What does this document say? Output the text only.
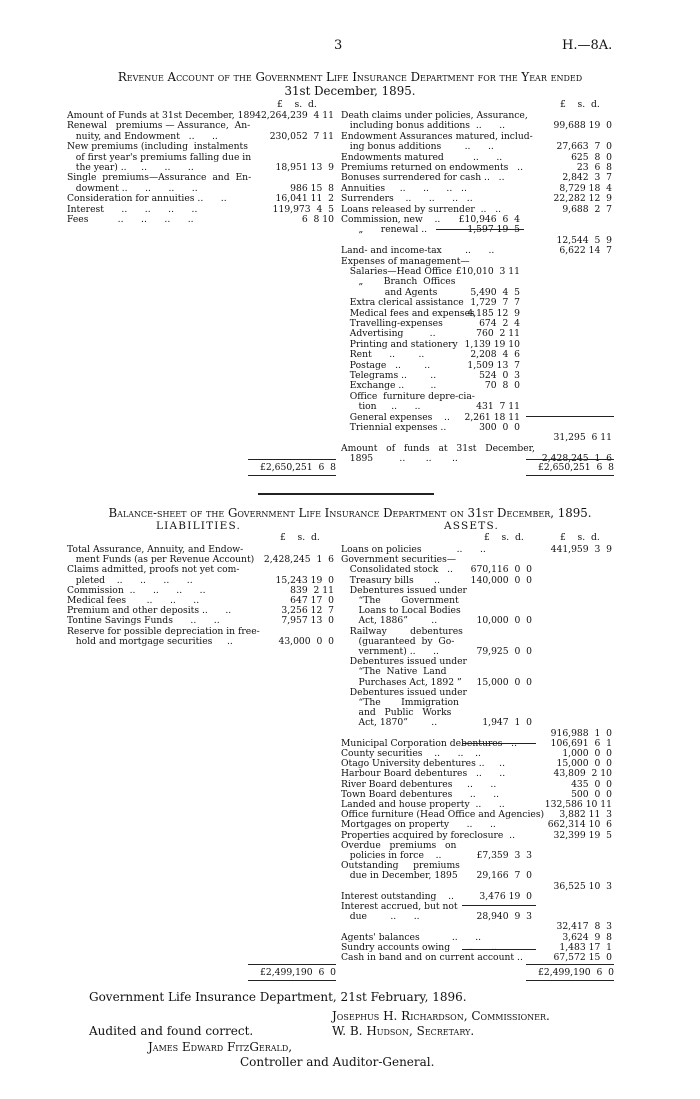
3	H.—8A.
Revenue Account of the Government Life Insurance Department for the Year ended
31st December, 1895.
£    s.  d.	£    s.  d.
Amount of Funds at 31st December, 1894 2,264,239  4 11
Renewal   premiums — Assurance,  An-
nuity, and Endowment   ..      ..	230,052  7 11
New premiums (including  instalments
of first year's premiums falling due in
the year) ..     ..      ..      ..	18,951 13  9
Single  premiums—Assurance  and  En-
dowment ..      ..      ..      ..	986 15  8
Consideration for annuities ..      ..	16,041 11  2
Interest      ..      ..      ..      ..	119,973  4  5
Fees          ..      ..      ..      ..	6  8 10
Death claims under policies, Assurance,
including bonus additions  ..      ..	99,688 19  0
Endowment Assurances matured, includ-
ing bonus additions        ..      ..	27,663  7  0
Endowments matured          ..      ..	625  8  0
Premiums returned on endowments   ..	23  6  8
Bonuses surrendered for cash ..   ..	2,842  3  7
Annuities     ..      ..      ..   ..	8,729 18  4
Surrenders    ..      ..      ..   ..	22,282 12  9
Loans released by surrender  ..   ..	9,688  2  7
Commission, new    ..	£10,946  6  4
„      renewal ..	1,597 19  5
12,544  5  9
Land- and income-tax        ..      ..	6,622 14  7
Expenses of management—
Salaries—Head Office £10,010  3 11
„       Branch  Offices
and Agents	5,490  4  5
Extra clerical assistance 1,729  7  7
Medical fees and expenses
4,185 12  9
Travelling-expenses	674  2  4
Advertising         ..	760  2 11
Printing and stationery 1,139 19 10
Rent      ..        ..	2,208  4  6
Postage   ..        ..	1,509 13  7
Telegrams ..        ..	524  0  3
Exchange ..         ..	70  8  0
Office  furniture depre-cia-
tion     ..      ..	431  7 11
General expenses    ..	2,261 18 11
Triennial expenses ..	300  0  0
31,295  6 11
Amount   of   funds   at   31st   December,
1895         ..       ..       ..	2,428,245  1  6
£2,650,251  6  8	£2,650,251  6  8
Balance-sheet of the Government Life Insurance Department on 31st December, 1895.
LIABILITIES.	ASSETS.
£    s.  d.	£    s.  d.	£    s.  d.
Total Assurance, Annuity, and Endow-
ment Funds (as per Revenue Account)	2,428,245  1  6
Claims admitted, proofs not yet com-
pleted    ..      ..      ..      ..	15,243 19  0
Commission  ..      ..      ..      ..	839  2 11
Medical fees       ..      ..      ..	647 17  0
Premium and other deposits ..      ..	3,256 12  7
Tontine Savings Funds      ..      ..	7,957 13  0
Reserve for possible depreciation in free-
hold and mortgage securities     ..	43,000  0  0
Loans on policies            ..      ..	441,959  3  9
Government securities—
Consolidated stock   ..	670,116  0  0
Treasury bills       ..	140,000  0  0
Debentures issued under
“The       Government
Loans to Local Bodies
Act, 1886”        ..	10,000  0  0
Railway        debentures
(guaranteed  by  Go-
vernment) ..      ..	79,925  0  0
Debentures issued under
“The  Native  Land
Purchases Act, 1892 ”	15,000  0  0
Debentures issued under
“The       Immigration
and   Public   Works
Act, 1870”        ..	1,947  1  0
916,988  1  0
Municipal Corporation debentures   ..	106,691  6  1
County securities    ..      ..    ..	1,000  0  0
Otago University debentures ..     ..	15,000  0  0
Harbour Board debentures   ..      ..	43,809  2 10
River Board debentures     ..      ..	435  0  0
Town Board debentures      ..      ..	500  0  0
Landed and house property  ..      ..	132,586 10 11
Office furniture (Head Office and Agencies)	3,882 11  3
Mortgages on property      ..      ..	662,314 10  6
Properties acquired by foreclosure  ..	32,399 19  5
Overdue   premiums   on
policies in force    ..	£7,359  3  3
Outstanding     premiums
due in December, 1895	29,166  7  0
36,525 10  3
Interest outstanding    ..	3,476 19  0
Interest accrued, but not
due        ..      ..	28,940  9  3
32,417  8  3
Agents' balances           ..      ..	3,624  9  8
Sundry accounts owing      ..      ..	1,483 17  1
Cash in band and on current account ..	67,572 15  0
£2,499,190  6  0	£2,499,190  6  0
Government Life Insurance Department, 21st February, 1896.
Josephus H. Richardson, Commissioner.
Audited and found correct.	W. B. Hudson, Secretary.
James Edward FitzGerald,
Controller and Auditor-General.
